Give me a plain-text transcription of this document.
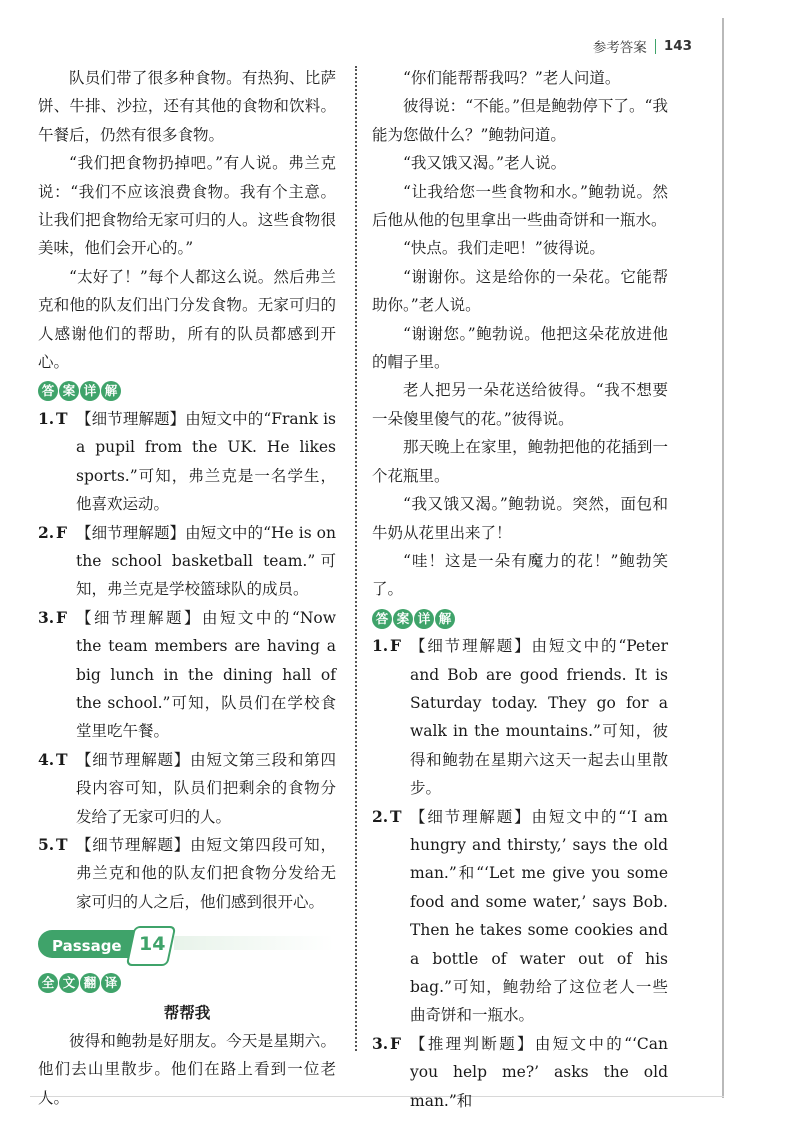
参考答案 143

队员们带了很多种食物。有热狗、比萨饼、牛排、沙拉，还有其他的食物和饮料。午餐后，仍然有很多食物。

“我们把食物扔掉吧。”有人说。弗兰克说：“我们不应该浪费食物。我有个主意。让我们把食物给无家可归的人。这些食物很美味，他们会开心的。”

“太好了！”每个人都这么说。然后弗兰克和他的队友们出门分发食物。无家可归的人感谢他们的帮助，所有的队员都感到开心。

答 案 详 解
1. T 【细节理解题】由短文中的“Frank is a pupil from the UK. He likes sports.”可知，弗兰克是一名学生，他喜欢运动。
2. F 【细节理解题】由短文中的“He is on the school basketball team.”可知，弗兰克是学校篮球队的成员。
3. F 【细节理解题】由短文中的“Now the team members are having a big lunch in the dining hall of the school.”可知，队员们在学校食堂里吃午餐。
4. T 【细节理解题】由短文第三段和第四段内容可知，队员们把剩余的食物分发给了无家可归的人。
5. T 【细节理解题】由短文第四段可知，弗兰克和他的队友们把食物分发给无家可归的人之后，他们感到很开心。
Passage 14
全 文 翻 译

帮帮我

彼得和鲍勃是好朋友。今天是星期六。他们去山里散步。他们在路上看到一位老人。

“你们能帮帮我吗？”老人问道。

彼得说：“不能。”但是鲍勃停下了。“我能为您做什么？”鲍勃问道。

“我又饿又渴。”老人说。

“让我给您一些食物和水。”鲍勃说。然后他从他的包里拿出一些曲奇饼和一瓶水。

“快点。我们走吧！”彼得说。

“谢谢你。这是给你的一朵花。它能帮助你。”老人说。

“谢谢您。”鲍勃说。他把这朵花放进他的帽子里。

老人把另一朵花送给彼得。“我不想要一朵傻里傻气的花。”彼得说。

那天晚上在家里，鲍勃把他的花插到一个花瓶里。

“我又饿又渴。”鲍勃说。突然，面包和牛奶从花里出来了！

“哇！这是一朵有魔力的花！”鲍勃笑了。

答 案 详 解
1. F 【细节理解题】由短文中的“Peter and Bob are good friends. It is Saturday today. They go for a walk in the mountains.”可知，彼得和鲍勃在星期六这天一起去山里散步。
2. T 【细节理解题】由短文中的“‘I am hungry and thirsty,’ says the old man.”和“‘Let me give you some food and some water,’ says Bob. Then he takes some cookies and a bottle of water out of his bag.”可知，鲍勃给了这位老人一些曲奇饼和一瓶水。
3. F 【推理判断题】由短文中的“‘Can you help me?’ asks the old man.”和
